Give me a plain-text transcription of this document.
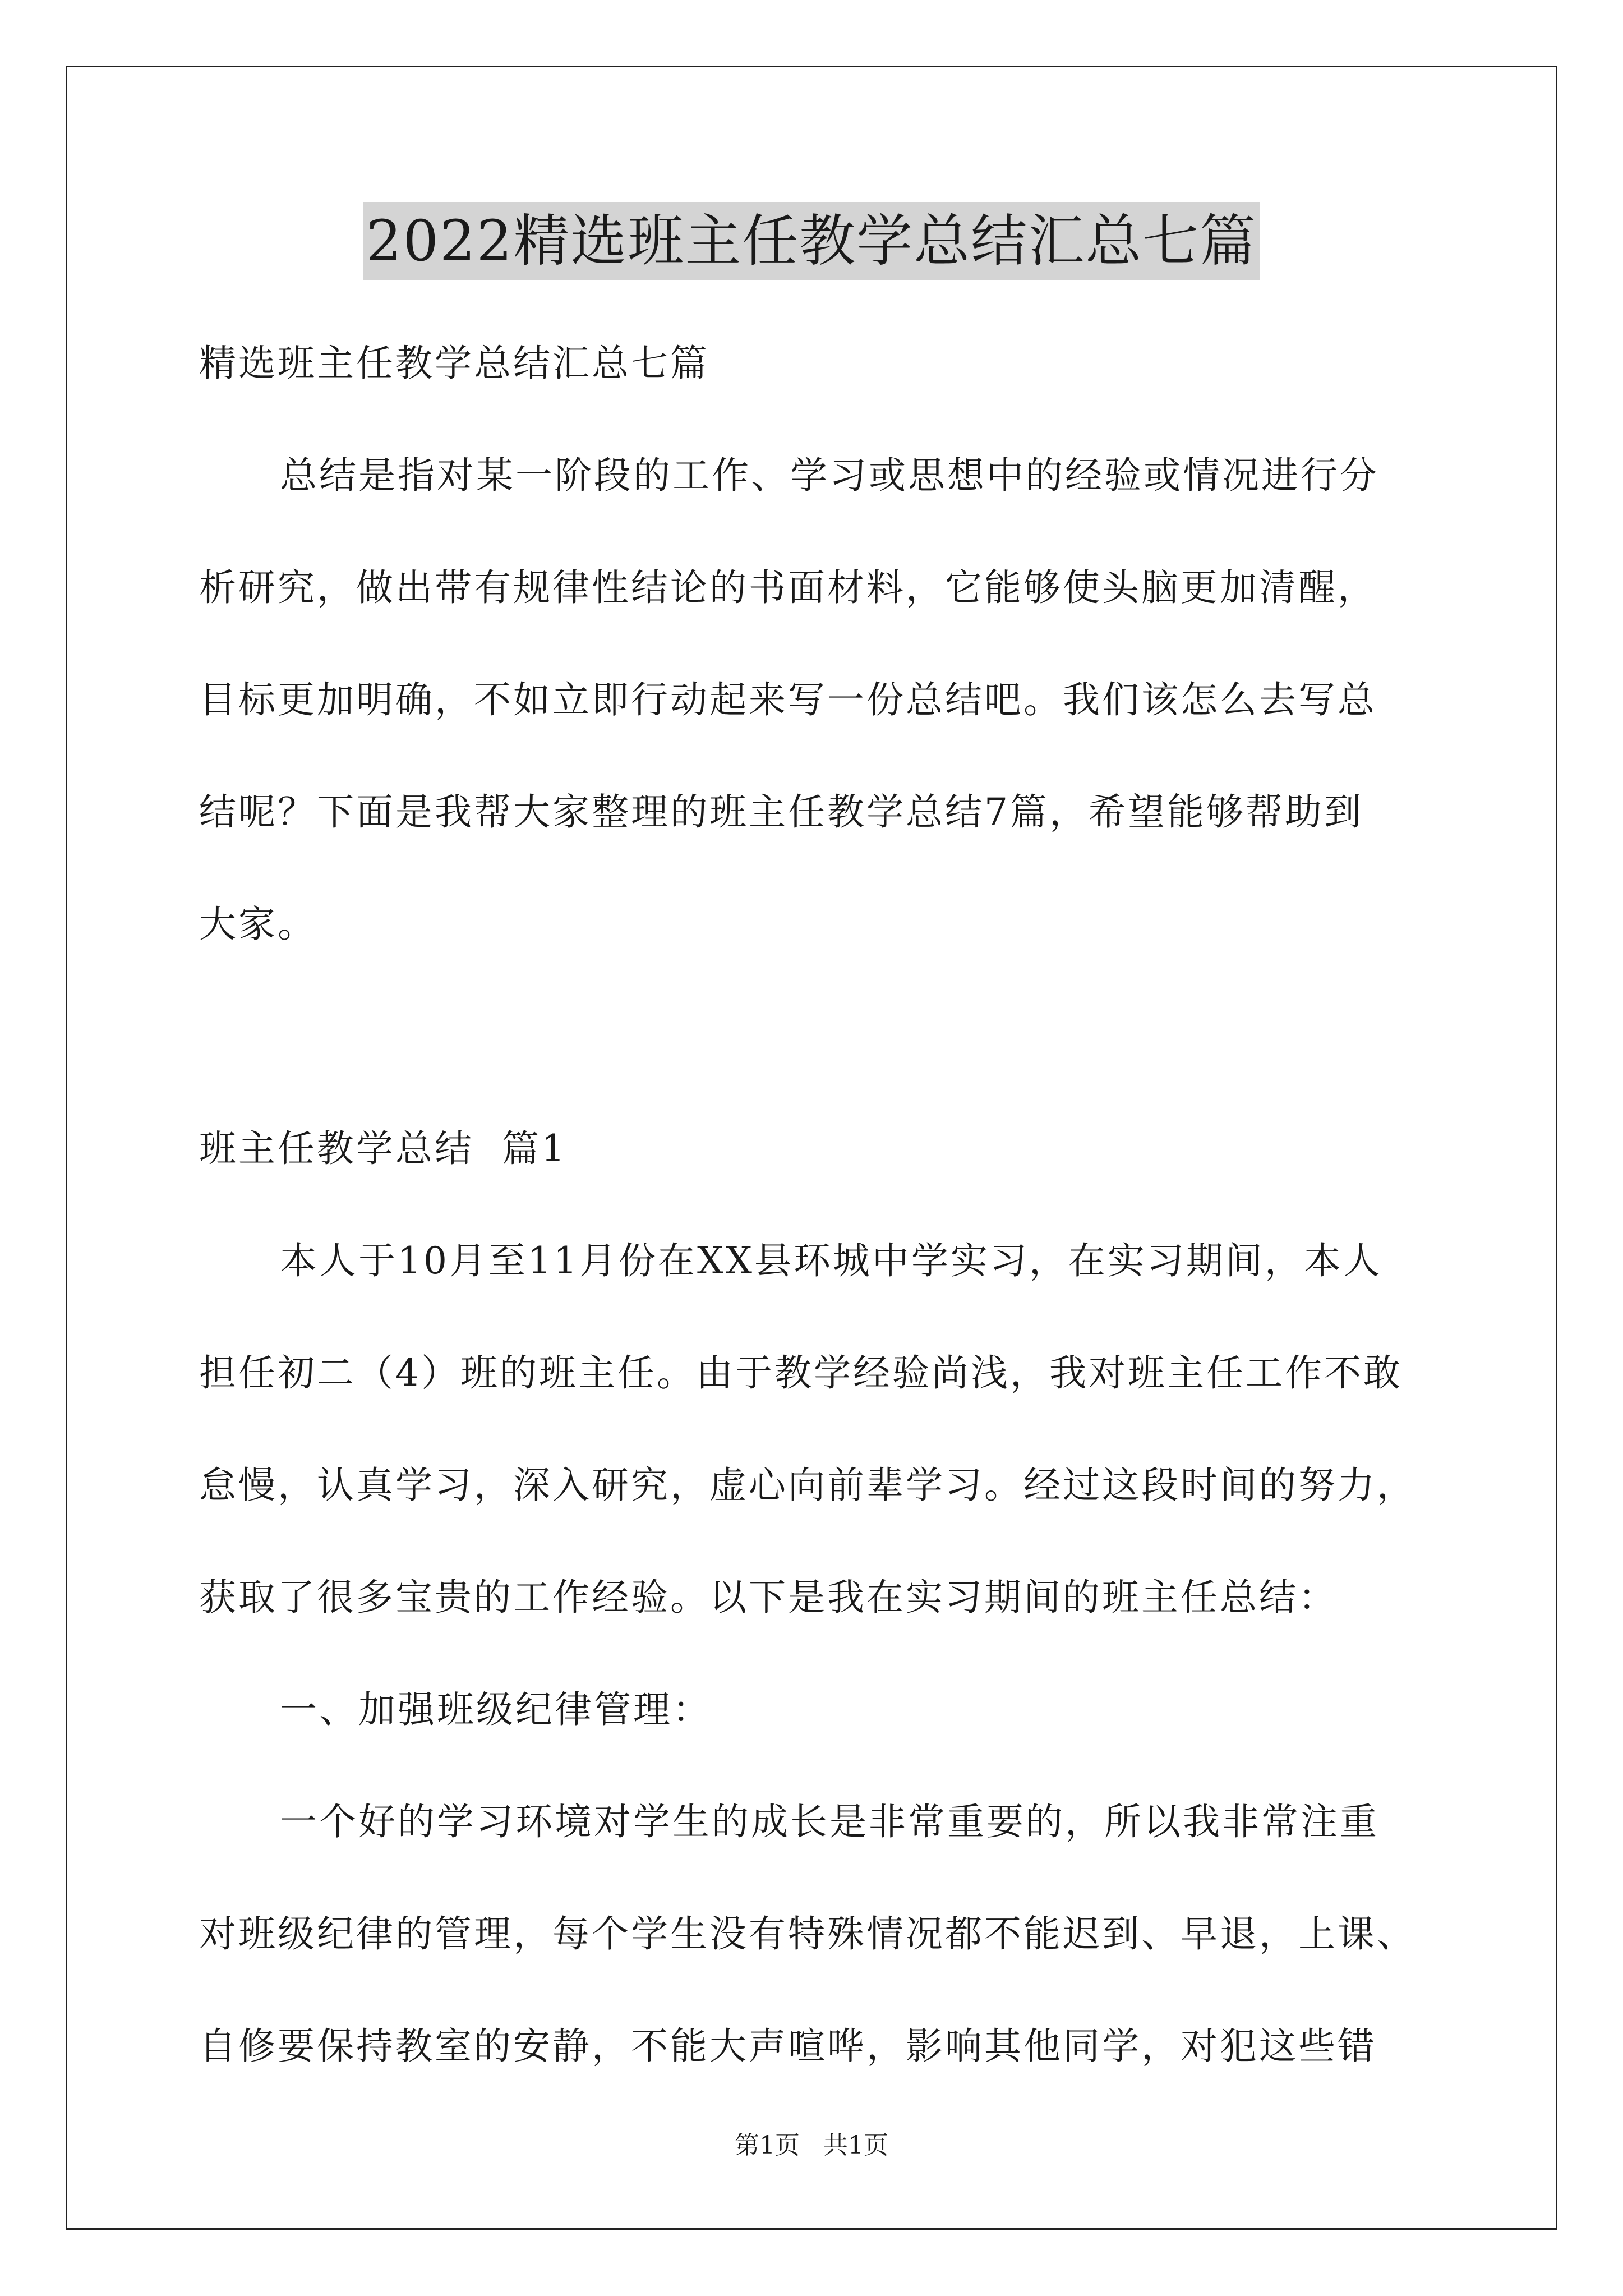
2022精选班主任教学总结汇总七篇
精选班主任教学总结汇总七篇
总结是指对某一阶段的工作、学习或思想中的经验或情况进行分
析研究，做出带有规律性结论的书面材料，它能够使头脑更加清醒，
目标更加明确，不如立即行动起来写一份总结吧。我们该怎么去写总
结呢？下面是我帮大家整理的班主任教学总结7篇，希望能够帮助到
大家。
班主任教学总结  篇1
本人于10月至11月份在XX县环城中学实习，在实习期间，本人
担任初二（4）班的班主任。由于教学经验尚浅，我对班主任工作不敢
怠慢，认真学习，深入研究，虚心向前辈学习。经过这段时间的努力，
获取了很多宝贵的工作经验。以下是我在实习期间的班主任总结：
一、加强班级纪律管理：
一个好的学习环境对学生的成长是非常重要的，所以我非常注重
对班级纪律的管理，每个学生没有特殊情况都不能迟到、早退，上课、
自修要保持教室的安静，不能大声喧哗，影响其他同学，对犯这些错
第1页 共1页
